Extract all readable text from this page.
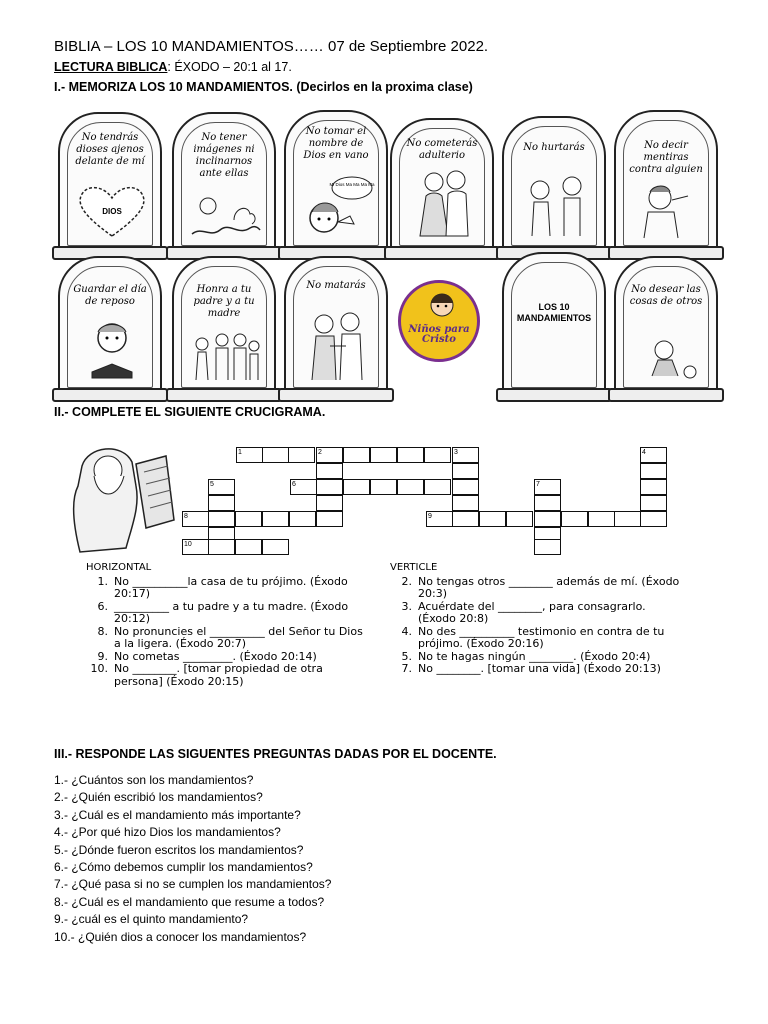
BIBLIA – LOS 10 MANDAMIENTOS…… 07 de Septiembre 2022.
LECTURA BIBLICA: ÉXODO – 20:1 al 17.
I.- MEMORIZA LOS 10 MANDAMIENTOS. (Decirlos en la proxima clase)
No tendrás dioses ajenos delante de mí
DIOS
No tener imágenes ni inclinarnos ante ellas
No tomar el nombre de Dios en vano
Mi Dios Ma Ma Ma Ma
No cometerás adulterio
No hurtarás	No decir mentiras contra alguien
Guardar el día de reposo
Honra a tu padre y a tu madre
No matarás
Niños para
Cristo
LOS 10 MANDAMIENTOS
No desear las cosas de otros
II.- COMPLETE EL SIGUIENTE CRUCIGRAMA.
1	2	3	4
5	6	7
8	9
10
HORIZONTAL
1. No __________la casa de tu prójimo. (Éxodo 20:17)
6. __________ a tu padre y a tu madre. (Éxodo 20:12)
8. No pronuncies el __________ del Señor tu Dios a la ligera. (Éxodo 20:7)
9. No cometas _________. (Éxodo 20:14)
10. No ________. [tomar propiedad de otra persona] (Éxodo 20:15)
VERTICLE
2. No tengas otros ________ además de mí. (Éxodo 20:3)
3. Acuérdate del ________, para consagrarlo. (Éxodo 20:8)
4. No des __________ testimonio en contra de tu prójimo. (Éxodo 20:16)
5. No te hagas ningún ________. (Éxodo 20:4)
7. No ________. [tomar una vida] (Éxodo 20:13)
III.- RESPONDE LAS SIGUENTES PREGUNTAS DADAS POR EL DOCENTE.
1.- ¿Cuántos son los mandamientos?
2.- ¿Quién escribió los mandamientos?
3.- ¿Cuál es el mandamiento más importante?
4.- ¿Por qué hizo Dios los mandamientos?
5.- ¿Dónde fueron escritos los mandamientos?
6.- ¿Cómo debemos cumplir los mandamientos?
7.- ¿Qué pasa si no se cumplen los mandamientos?
8.- ¿Cuál es el mandamiento que resume a todos?
9.- ¿cuál es el quinto mandamiento?
10.- ¿Quién dios a conocer los mandamientos?
